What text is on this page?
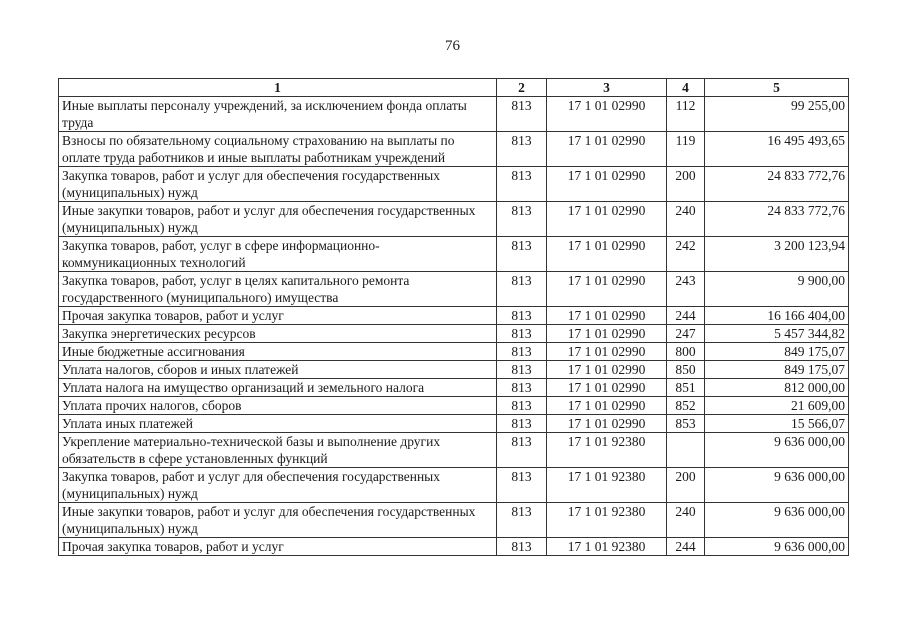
76
1	2	3	4	5
Иные выплаты персоналу учреждений, за исключением фонда оплаты труда	813	17 1 01 02990	112	99 255,00
Взносы по обязательному социальному страхованию на выплаты по оплате труда работников и иные выплаты работникам учреждений	813	17 1 01 02990	119	16 495 493,65
Закупка товаров, работ и услуг для обеспечения государственных (муниципальных) нужд	813	17 1 01 02990	200	24 833 772,76
Иные закупки товаров, работ и услуг для обеспечения государственных (муниципальных) нужд	813	17 1 01 02990	240	24 833 772,76
Закупка товаров, работ, услуг в сфере информационно-коммуникационных технологий	813	17 1 01 02990	242	3 200 123,94
Закупка товаров, работ, услуг в целях капитального ремонта государственного (муниципального) имущества	813	17 1 01 02990	243	9 900,00
Прочая закупка товаров, работ и услуг	813	17 1 01 02990	244	16 166 404,00
Закупка энергетических ресурсов	813	17 1 01 02990	247	5 457 344,82
Иные бюджетные ассигнования	813	17 1 01 02990	800	849 175,07
Уплата налогов, сборов и иных платежей	813	17 1 01 02990	850	849 175,07
Уплата налога на имущество организаций и земельного налога	813	17 1 01 02990	851	812 000,00
Уплата прочих налогов, сборов	813	17 1 01 02990	852	21 609,00
Уплата иных платежей	813	17 1 01 02990	853	15 566,07
Укрепление материально-технической базы и выполнение других обязательств в сфере установленных функций	813	17 1 01 92380		9 636 000,00
Закупка товаров, работ и услуг для обеспечения государственных (муниципальных) нужд	813	17 1 01 92380	200	9 636 000,00
Иные закупки товаров, работ и услуг для обеспечения государственных (муниципальных) нужд	813	17 1 01 92380	240	9 636 000,00
Прочая закупка товаров, работ и услуг	813	17 1 01 92380	244	9 636 000,00
